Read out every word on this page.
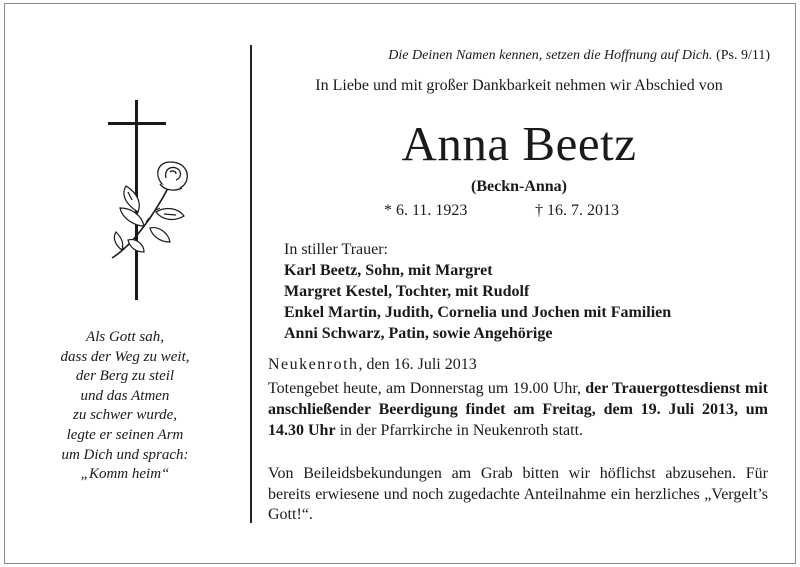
Als Gott sah,
dass der Weg zu weit,
der Berg zu steil
und das Atmen
zu schwer wurde,
legte er seinen Arm
um Dich und sprach:
„Komm heim“
Die Deinen Namen kennen, setzen die Hoffnung auf Dich. (Ps. 9/11)
In Liebe und mit großer Dankbarkeit nehmen wir Abschied von
Anna Beetz
(Beckn-Anna)
* 6. 11. 1923	† 16. 7. 2013
In stiller Trauer:
Karl Beetz, Sohn, mit Margret
Margret Kestel, Tochter, mit Rudolf
Enkel Martin, Judith, Cornelia und Jochen mit Familien
Anni Schwarz, Patin, sowie Angehörige
Neukenroth, den 16. Juli 2013
Totengebet heute, am Donnerstag um 19.00 Uhr, der Trauergottesdienst mit anschließender Beerdigung findet am Freitag, dem 19. Juli 2013, um 14.30 Uhr in der Pfarrkirche in Neukenroth statt.
Von Beileidsbekundungen am Grab bitten wir höflichst abzusehen. Für bereits erwiesene und noch zugedachte Anteilnahme ein herzliches „Vergelt’s Gott!“.
